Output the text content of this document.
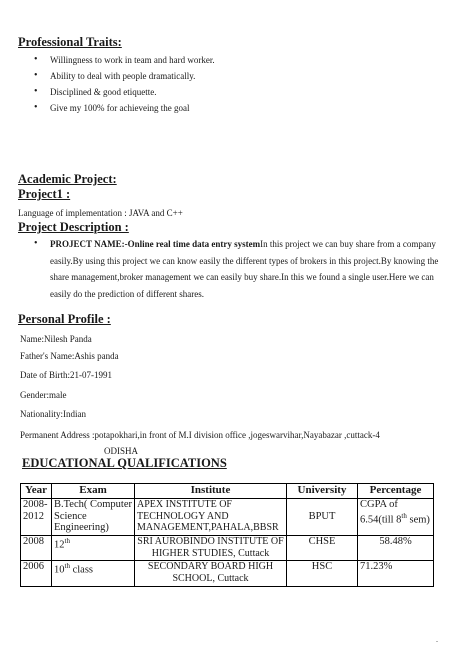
Professional Traits:
• Willingness to work in team and hard worker.
• Ability to deal with people dramatically.
• Disciplined & good etiquette.
• Give my 100% for achieveing the goal
Academic Project:
Project1 :
Language of implementation : JAVA and C++
Project Description :
• PROJECT NAME:-Online real time data entry systemIn this project we can buy share from a company easily.By using this project we can know easily the different types of brokers in this project.By knowing the share management,broker management we can easily buy share.In this we found a single user.Here we can easily do the prediction of different shares.
Personal Profile :
Name:Nilesh Panda
Father's Name:Ashis panda
Date of Birth:21-07-1991
Gender:male
Nationality:Indian
Permanent Address :potapokhari,in front of M.I division office ,jogeswarvihar,Nayabazar ,cuttack-4
ODISHA
EDUCATIONAL QUALIFICATIONS
Year	Exam	Institute	University	Percentage
2008-2012	B.Tech( Computer Science Engineering)	APEX INSTITUTE OF TECHNOLOGY AND MANAGEMENT,PAHALA,BBSR	BPUT	CGPA of 6.54(till 8th sem)
2008	12th	SRI AUROBINDO INSTITUTE OF HIGHER STUDIES, Cuttack	CHSE	58.48%
2006	10th class	SECONDARY BOARD HIGH SCHOOL, Cuttack	HSC	71.23%
.
